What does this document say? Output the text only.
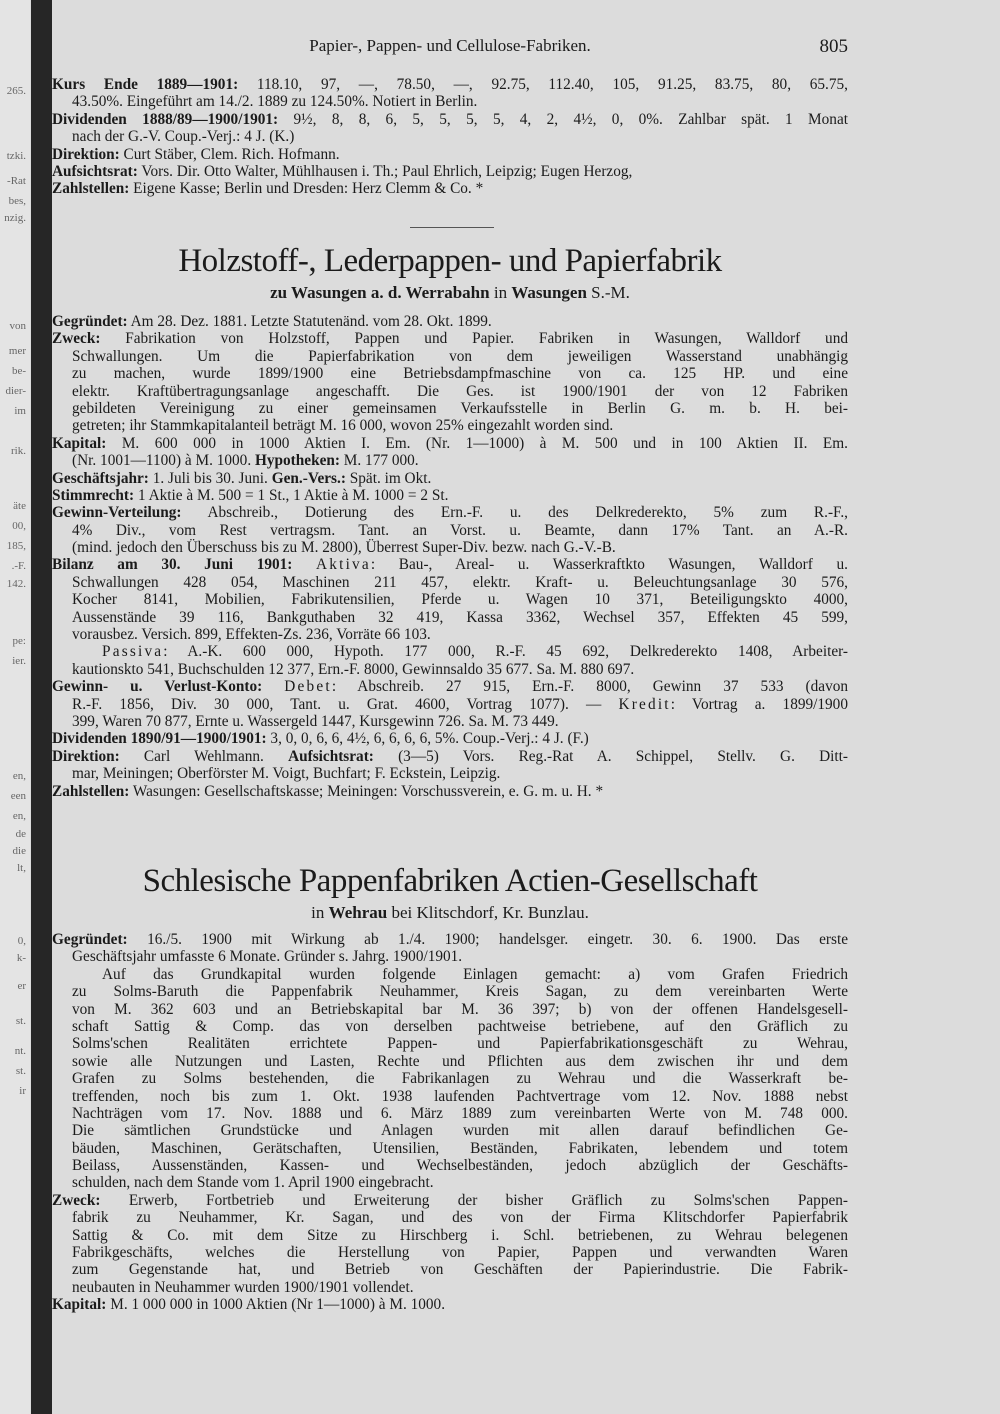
265.
tzki.
-Rat
bes,
nzig.
von
mer
be-
dier-
im
rik.
äte
00,
185,
.-F.
142.
pe:
ier.
en,
een
en,
de
die
lt,
0,
k-
er
st.
nt.
st.
ir
Papier-, Pappen- und Cellulose-Fabriken.	805
Kurs Ende 1889—1901: 118.10, 97, —, 78.50, —, 92.75, 112.40, 105, 91.25, 83.75, 80, 65.75,
43.50%. Eingeführt am 14./2. 1889 zu 124.50%. Notiert in Berlin.
Dividenden 1888/89—1900/1901: 9½, 8, 8, 6, 5, 5, 5, 5, 4, 2, 4½, 0, 0%. Zahlbar spät. 1 Monat
nach der G.-V. Coup.-Verj.: 4 J. (K.)
Direktion: Curt Stäber, Clem. Rich. Hofmann.
Aufsichtsrat: Vors. Dir. Otto Walter, Mühlhausen i. Th.; Paul Ehrlich, Leipzig; Eugen Herzog,
Zahlstellen: Eigene Kasse; Berlin und Dresden: Herz Clemm & Co. *
Holzstoff-, Lederpappen- und Papierfabrik
zu Wasungen a. d. Werrabahn in Wasungen S.-M.
Gegründet: Am 28. Dez. 1881. Letzte Statutenänd. vom 28. Okt. 1899.
Zweck: Fabrikation von Holzstoff, Pappen und Papier. Fabriken in Wasungen, Walldorf und
Schwallungen. Um die Papierfabrikation von dem jeweiligen Wasserstand unabhängig
zu machen, wurde 1899/1900 eine Betriebsdampfmaschine von ca. 125 HP. und eine
elektr. Kraftübertragungsanlage angeschafft. Die Ges. ist 1900/1901 der von 12 Fabriken
gebildeten Vereinigung zu einer gemeinsamen Verkaufsstelle in Berlin G. m. b. H. bei-
getreten; ihr Stammkapitalanteil beträgt M. 16 000, wovon 25% eingezahlt worden sind.
Kapital: M. 600 000 in 1000 Aktien I. Em. (Nr. 1—1000) à M. 500 und in 100 Aktien II. Em.
(Nr. 1001—1100) à M. 1000. Hypotheken: M. 177 000.
Geschäftsjahr: 1. Juli bis 30. Juni. Gen.-Vers.: Spät. im Okt.
Stimmrecht: 1 Aktie à M. 500 = 1 St., 1 Aktie à M. 1000 = 2 St.
Gewinn-Verteilung: Abschreib., Dotierung des Ern.-F. u. des Delkrederekto, 5% zum R.-F.,
4% Div., vom Rest vertragsm. Tant. an Vorst. u. Beamte, dann 17% Tant. an A.-R.
(mind. jedoch den Überschuss bis zu M. 2800), Überrest Super-Div. bezw. nach G.-V.-B.
Bilanz am 30. Juni 1901: Aktiva: Bau-, Areal- u. Wasserkraftkto Wasungen, Walldorf u.
Schwallungen 428 054, Maschinen 211 457, elektr. Kraft- u. Beleuchtungsanlage 30 576,
Kocher 8141, Mobilien, Fabrikutensilien, Pferde u. Wagen 10 371, Beteiligungskto 4000,
Aussenstände 39 116, Bankguthaben 32 419, Kassa 3362, Wechsel 357, Effekten 45 599,
vorausbez. Versich. 899, Effekten-Zs. 236, Vorräte 66 103.
Passiva: A.-K. 600 000, Hypoth. 177 000, R.-F. 45 692, Delkrederekto 1408, Arbeiter-
kautionskto 541, Buchschulden 12 377, Ern.-F. 8000, Gewinnsaldo 35 677. Sa. M. 880 697.
Gewinn- u. Verlust-Konto: Debet: Abschreib. 27 915, Ern.-F. 8000, Gewinn 37 533 (davon
R.-F. 1856, Div. 30 000, Tant. u. Grat. 4600, Vortrag 1077). — Kredit: Vortrag a. 1899/1900
399, Waren 70 877, Ernte u. Wassergeld 1447, Kursgewinn 726. Sa. M. 73 449.
Dividenden 1890/91—1900/1901: 3, 0, 0, 6, 6, 4½, 6, 6, 6, 6, 5%. Coup.-Verj.: 4 J. (F.)
Direktion: Carl Wehlmann. Aufsichtsrat: (3—5) Vors. Reg.-Rat A. Schippel, Stellv. G. Ditt-
mar, Meiningen; Oberförster M. Voigt, Buchfart; F. Eckstein, Leipzig.
Zahlstellen: Wasungen: Gesellschaftskasse; Meiningen: Vorschussverein, e. G. m. u. H. *
Schlesische Pappenfabriken Actien-Gesellschaft
in Wehrau bei Klitschdorf, Kr. Bunzlau.
Gegründet: 16./5. 1900 mit Wirkung ab 1./4. 1900; handelsger. eingetr. 30. 6. 1900. Das erste
Geschäftsjahr umfasste 6 Monate. Gründer s. Jahrg. 1900/1901.
Auf das Grundkapital wurden folgende Einlagen gemacht: a) vom Grafen Friedrich
zu Solms-Baruth die Pappenfabrik Neuhammer, Kreis Sagan, zu dem vereinbarten Werte
von M. 362 603 und an Betriebskapital bar M. 36 397; b) von der offenen Handelsgesell-
schaft Sattig & Comp. das von derselben pachtweise betriebene, auf den Gräflich zu
Solms'schen Realitäten errichtete Pappen- und Papierfabrikationsgeschäft zu Wehrau,
sowie alle Nutzungen und Lasten, Rechte und Pflichten aus dem zwischen ihr und dem
Grafen zu Solms bestehenden, die Fabrikanlagen zu Wehrau und die Wasserkraft be-
treffenden, noch bis zum 1. Okt. 1938 laufenden Pachtvertrage vom 12. Nov. 1888 nebst
Nachträgen vom 17. Nov. 1888 und 6. März 1889 zum vereinbarten Werte von M. 748 000.
Die sämtlichen Grundstücke und Anlagen wurden mit allen darauf befindlichen Ge-
bäuden, Maschinen, Gerätschaften, Utensilien, Beständen, Fabrikaten, lebendem und totem
Beilass, Aussenständen, Kassen- und Wechselbeständen, jedoch abzüglich der Geschäfts-
schulden, nach dem Stande vom 1. April 1900 eingebracht.
Zweck: Erwerb, Fortbetrieb und Erweiterung der bisher Gräflich zu Solms'schen Pappen-
fabrik zu Neuhammer, Kr. Sagan, und des von der Firma Klitschdorfer Papierfabrik
Sattig & Co. mit dem Sitze zu Hirschberg i. Schl. betriebenen, zu Wehrau belegenen
Fabrikgeschäfts, welches die Herstellung von Papier, Pappen und verwandten Waren
zum Gegenstande hat, und Betrieb von Geschäften der Papierindustrie. Die Fabrik-
neubauten in Neuhammer wurden 1900/1901 vollendet.
Kapital: M. 1 000 000 in 1000 Aktien (Nr 1—1000) à M. 1000.
